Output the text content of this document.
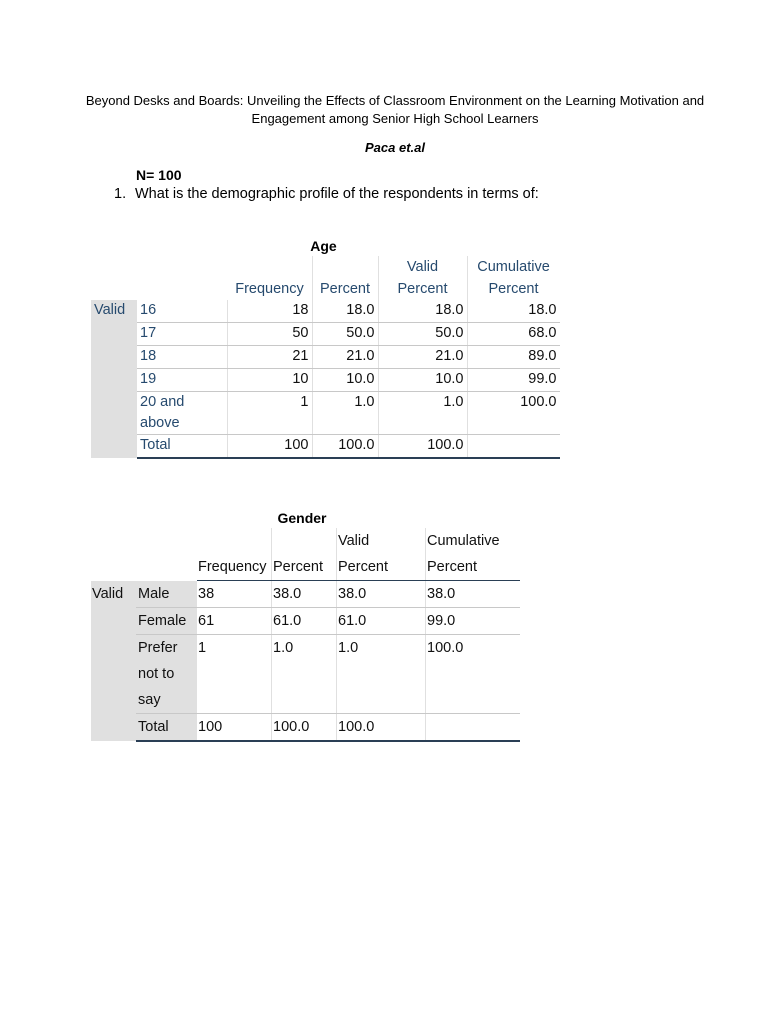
Beyond Desks and Boards: Unveiling the Effects of Classroom Environment on the Learning Motivation and Engagement among Senior High School Learners

Paca et.al

N= 100

1. What is the demographic profile of the respondents in terms of:

Age
				Valid	Cumulative
		Frequency	Percent	Percent	Percent
Valid	16	18	18.0	18.0	18.0
	17	50	50.0	50.0	68.0
	18	21	21.0	21.0	89.0
	19	10	10.0	10.0	99.0
	20 and above	1	1.0	1.0	100.0
	Total	100	100.0	100.0	
Gender
				Valid	Cumulative
		Frequency	Percent	Percent	Percent
Valid	Male	38	38.0	38.0	38.0
	Female	61	61.0	61.0	99.0
	Prefer not to say	1	1.0	1.0	100.0
	Total	100	100.0	100.0	
